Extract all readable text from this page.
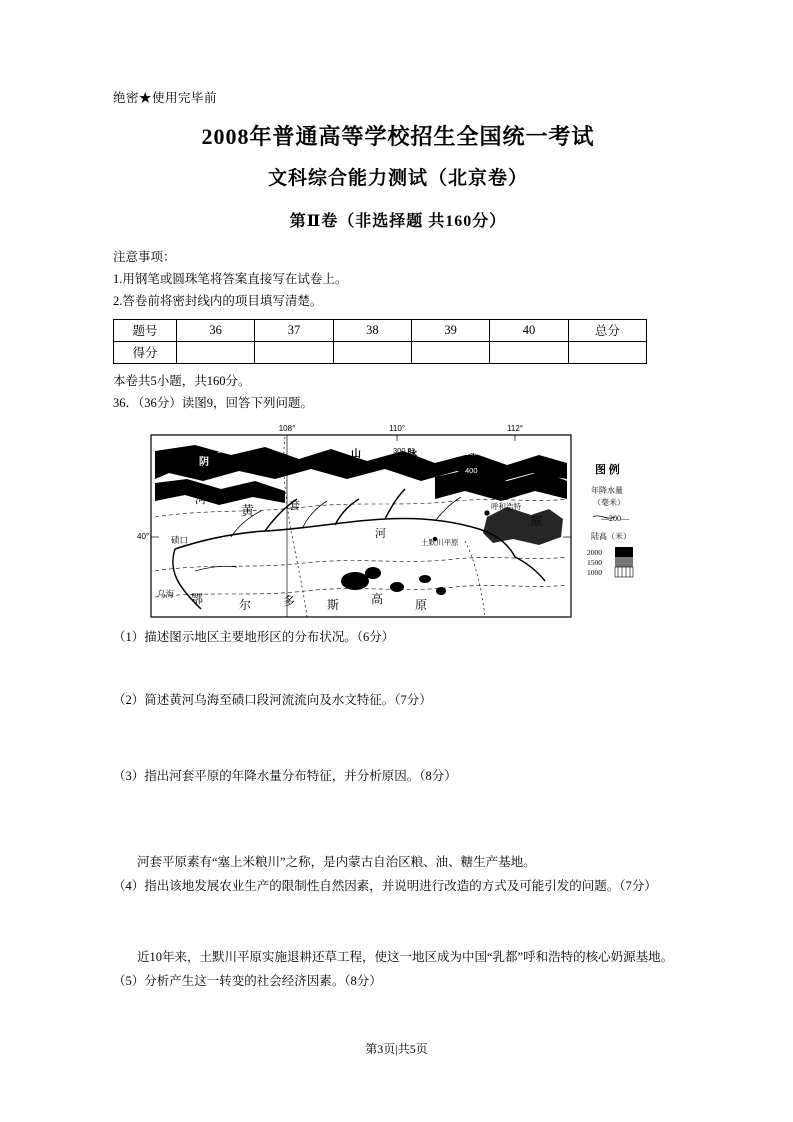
绝密★使用完毕前
2008年普通高等学校招生全国统一考试
文科综合能力测试（北京卷）
第Ⅱ卷（非选择题 共160分）
注意事项：
1.用钢笔或圆珠笔将答案直接写在试卷上。
2.答卷前将密封线内的项目填写清楚。
题号	36	37	38	39	40	总分
得分						
本卷共5小题，共160分。
36．（36分）读图9，回答下列问题。
108°	110°	112°
40°
阴
山	山	脉
150	200
300
400
河
黄	套
河
原
呼和浩特
土默川平原
碛口
乌海 鄂	尔	多	斯	高	原
图 例
年降水量
（毫米）
—200—
陆高（米）
2000
1500
1000
（1）描述图示地区主要地形区的分布状况。（6分）
（2）简述黄河乌海至碛口段河流流向及水文特征。（7分）
（3）指出河套平原的年降水量分布特征，并分析原因。（8分）
河套平原素有“塞上米粮川”之称，是内蒙古自治区粮、油、糖生产基地。
（4）指出该地发展农业生产的限制性自然因素，并说明进行改造的方式及可能引发的问题。（7分）
近10年来，土默川平原实施退耕还草工程，使这一地区成为中国“乳都”呼和浩特的核心奶源基地。
（5）分析产生这一转变的社会经济因素。（8分）
第3页|共5页
